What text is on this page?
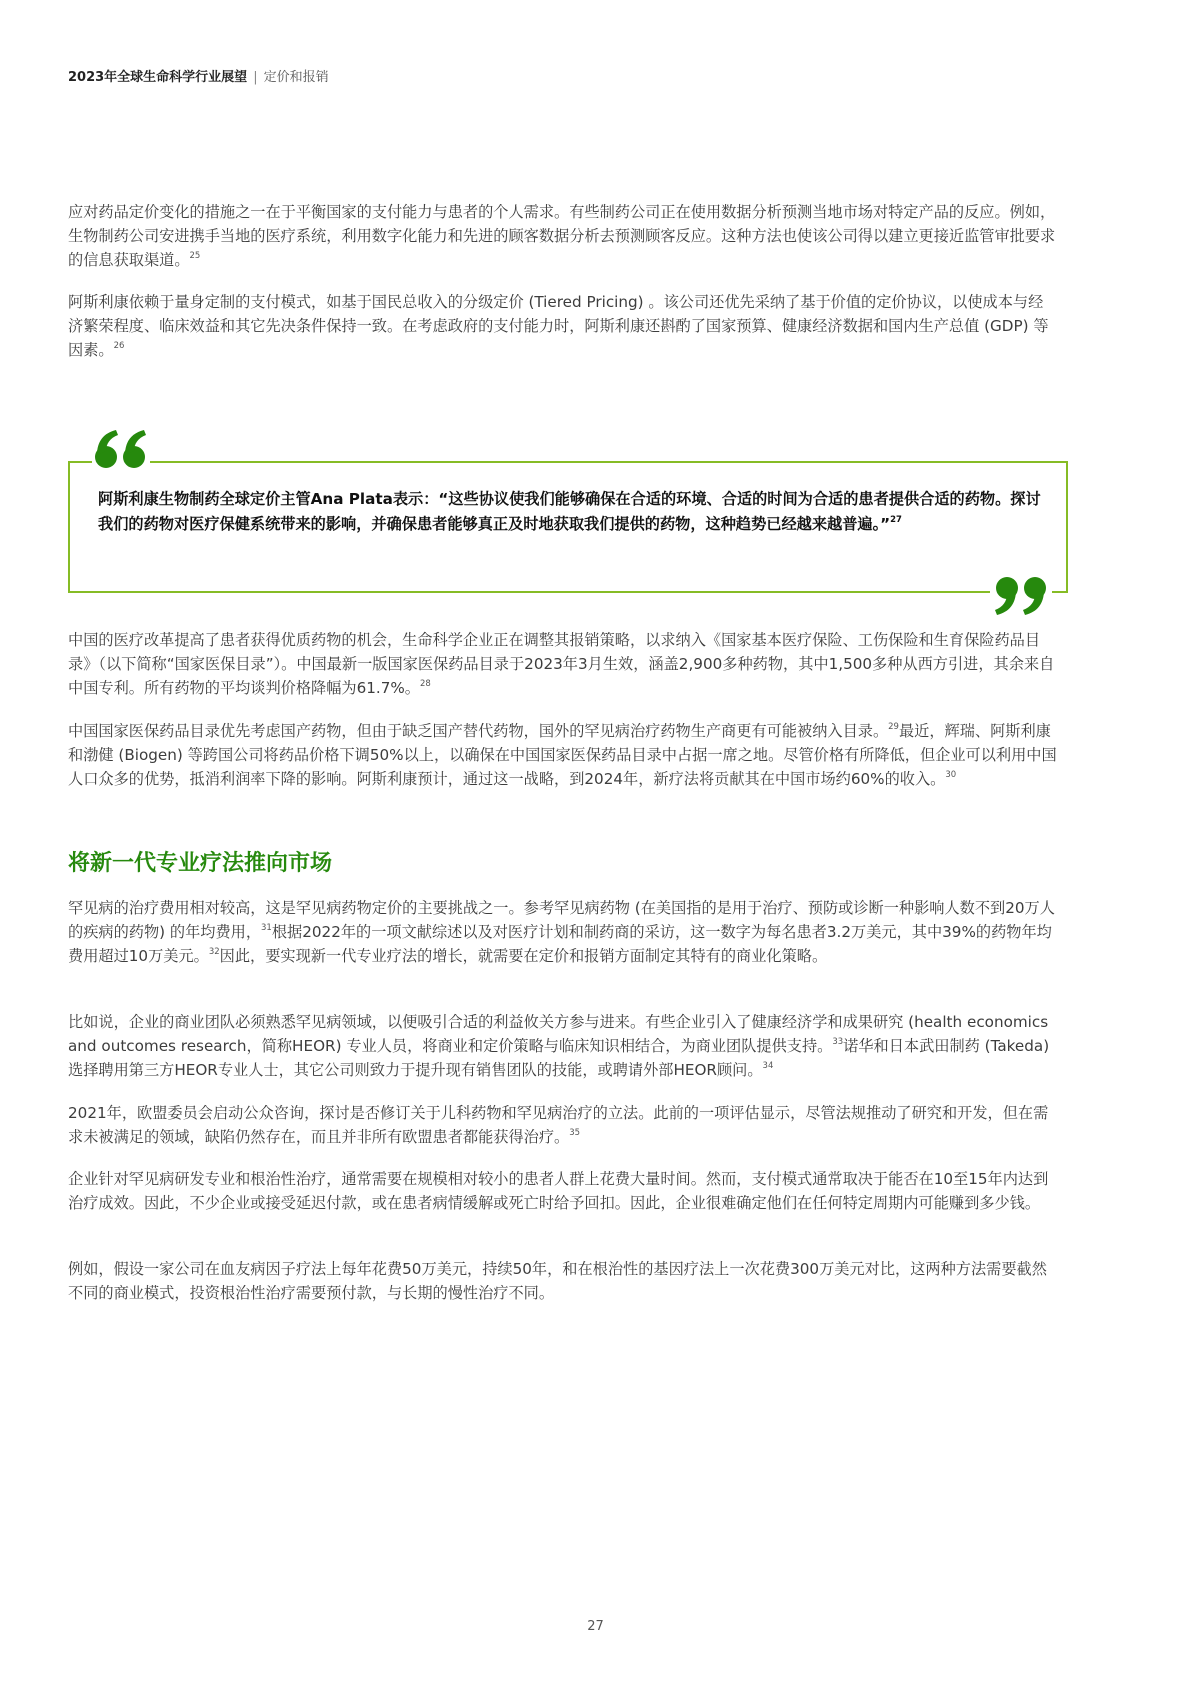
2023年全球生命科学行业展望 | 定价和报销

应对药品定价变化的措施之一在于平衡国家的支付能力与患者的个人需求。有些制药公司正在使用数据分析预测当地市场对特定产品的反应。例如，生物制药公司安进携手当地的医疗系统，利用数字化能力和先进的顾客数据分析去预测顾客反应。这种方法也使该公司得以建立更接近监管审批要求的信息获取渠道。$^{25}$

阿斯利康依赖于量身定制的支付模式，如基于国民总收入的分级定价 (Tiered Pricing) 。该公司还优先采纳了基于价值的定价协议，以使成本与经济繁荣程度、临床效益和其它先决条件保持一致。在考虑政府的支付能力时，阿斯利康还斟酌了国家预算、健康经济数据和国内生产总值 (GDP) 等因素。$^{26}$

阿斯利康生物制药全球定价主管Ana Plata表示：“这些协议使我们能够确保在合适的环境、合适的时间为合适的患者提供合适的药物。探讨我们的药物对医疗保健系统带来的影响，并确保患者能够真正及时地获取我们提供的药物，这种趋势已经越来越普遍。”$^{27}$

中国的医疗改革提高了患者获得优质药物的机会，生命科学企业正在调整其报销策略，以求纳入《国家基本医疗保险、工伤保险和生育保险药品目录》（以下简称“国家医保目录”）。中国最新一版国家医保药品目录于2023年3月生效，涵盖2,900多种药物，其中1,500多种从西方引进，其余来自中国专利。所有药物的平均谈判价格降幅为61.7%。$^{28}$

中国国家医保药品目录优先考虑国产药物，但由于缺乏国产替代药物，国外的罕见病治疗药物生产商更有可能被纳入目录。$^{29}$最近，辉瑞、阿斯利康和渤健 (Biogen) 等跨国公司将药品价格下调50%以上，以确保在中国国家医保药品目录中占据一席之地。尽管价格有所降低，但企业可以利用中国人口众多的优势，抵消利润率下降的影响。阿斯利康预计，通过这一战略，到2024年，新疗法将贡献其在中国市场约60%的收入。$^{30}$

将新一代专业疗法推向市场

罕见病的治疗费用相对较高，这是罕见病药物定价的主要挑战之一。参考罕见病药物 (在美国指的是用于治疗、预防或诊断一种影响人数不到20万人的疾病的药物) 的年均费用，$^{31}$根据2022年的一项文献综述以及对医疗计划和制药商的采访，这一数字为每名患者3.2万美元，其中39%的药物年均费用超过10万美元。$^{32}$因此，要实现新一代专业疗法的增长，就需要在定价和报销方面制定其特有的商业化策略。

比如说，企业的商业团队必须熟悉罕见病领域，以便吸引合适的利益攸关方参与进来。有些企业引入了健康经济学和成果研究 (health economics and outcomes research，简称HEOR) 专业人员，将商业和定价策略与临床知识相结合，为商业团队提供支持。$^{33}$诺华和日本武田制药 (Takeda) 选择聘用第三方HEOR专业人士，其它公司则致力于提升现有销售团队的技能，或聘请外部HEOR顾问。$^{34}$

2021年，欧盟委员会启动公众咨询，探讨是否修订关于儿科药物和罕见病治疗的立法。此前的一项评估显示，尽管法规推动了研究和开发，但在需求未被满足的领域，缺陷仍然存在，而且并非所有欧盟患者都能获得治疗。$^{35}$

企业针对罕见病研发专业和根治性治疗，通常需要在规模相对较小的患者人群上花费大量时间。然而，支付模式通常取决于能否在10至15年内达到治疗成效。因此，不少企业或接受延迟付款，或在患者病情缓解或死亡时给予回扣。因此，企业很难确定他们在任何特定周期内可能赚到多少钱。

例如，假设一家公司在血友病因子疗法上每年花费50万美元，持续50年，和在根治性的基因疗法上一次花费300万美元对比，这两种方法需要截然不同的商业模式，投资根治性治疗需要预付款，与长期的慢性治疗不同。

27
